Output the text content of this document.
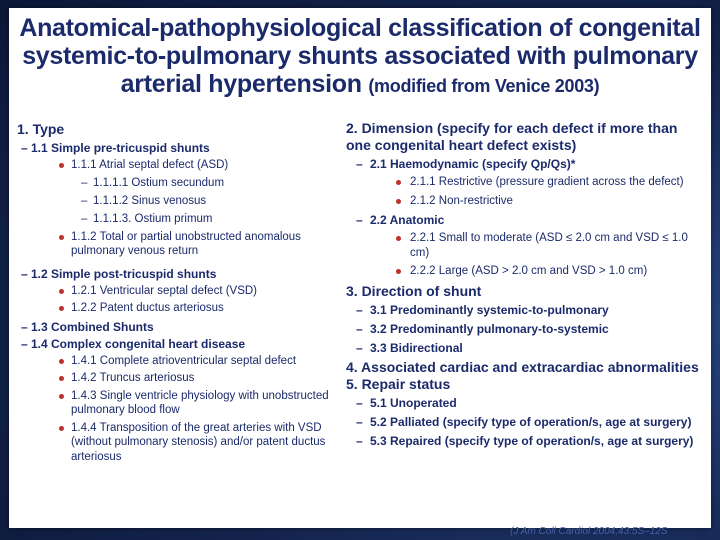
Anatomical-pathophysiological classification of congenital
systemic-to-pulmonary shunts associated with pulmonary
arterial hypertension (modified from Venice 2003)
1. Type
– 1.1 Simple pre-tricuspid shunts
1.1.1 Atrial septal defect (ASD)
– 1.1.1.1 Ostium secundum
– 1.1.1.2 Sinus venosus
– 1.1.1.3. Ostium primum
1.1.2 Total or partial unobstructed anomalous pulmonary venous return
– 1.2 Simple post-tricuspid shunts
1.2.1 Ventricular septal defect (VSD)
1.2.2 Patent ductus arteriosus
– 1.3 Combined Shunts
– 1.4 Complex congenital heart disease
1.4.1 Complete atrioventricular septal defect
1.4.2 Truncus arteriosus
1.4.3 Single ventricle physiology with unobstructed pulmonary blood flow
1.4.4 Transposition of the great arteries with VSD (without pulmonary stenosis) and/or patent ductus arteriosus
2. Dimension (specify for each defect if more than one congenital heart defect exists)
– 2.1 Haemodynamic (specify Qp/Qs)*
2.1.1 Restrictive (pressure gradient across the defect)
2.1.2 Non-restrictive
– 2.2 Anatomic
2.2.1 Small to moderate (ASD ≤ 2.0 cm and VSD ≤ 1.0 cm)
2.2.2 Large (ASD > 2.0 cm and VSD > 1.0 cm)
3. Direction of shunt
– 3.1 Predominantly systemic-to-pulmonary
– 3.2 Predominantly pulmonary-to-systemic
– 3.3 Bidirectional
4. Associated cardiac and extracardiac abnormalities
5. Repair status
– 5.1 Unoperated
– 5.2 Palliated (specify type of operation/s, age at surgery)
– 5.3 Repaired (specify type of operation/s, age at surgery)
(J Am Coll Cardiol 2004;43:5S–12S
